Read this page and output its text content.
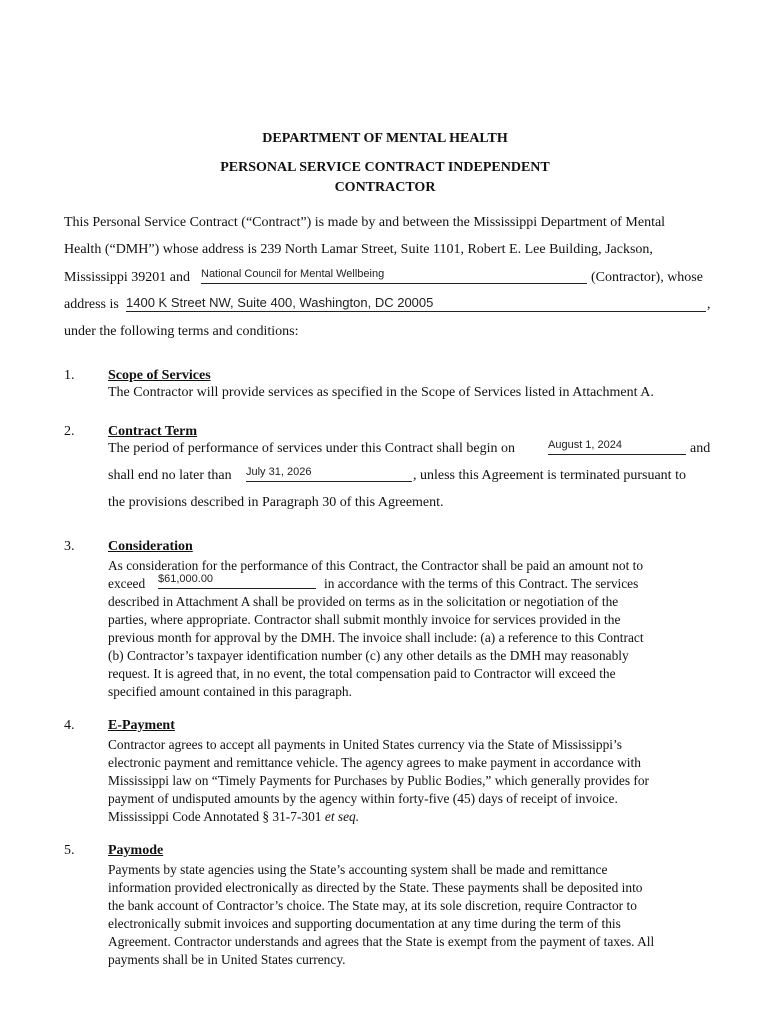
DEPARTMENT OF MENTAL HEALTH
PERSONAL SERVICE CONTRACT INDEPENDENT
CONTRACTOR
This Personal Service Contract (“Contract”) is made by and between the Mississippi Department of Mental
Health (“DMH”) whose address is 239 North Lamar Street, Suite 1101, Robert E. Lee Building, Jackson,
Mississippi 39201 and National Council for Mental Wellbeing	(Contractor), whose
address is 1400 K Street NW, Suite 400, Washington, DC 20005	,
under the following terms and conditions:
1. Scope of Services
The Contractor will provide services as specified in the Scope of Services listed in Attachment A.
2. Contract Term
The period of performance of services under this Contract shall begin on	August 1, 2024	and
shall end no later than July 31, 2026	, unless this Agreement is terminated pursuant to
the provisions described in Paragraph 30 of this Agreement.
3. Consideration
As consideration for the performance of this Contract, the Contractor shall be paid an amount not to
exceed $61,000.00	in accordance with the terms of this Contract. The services
described in Attachment A shall be provided on terms as in the solicitation or negotiation of the
parties, where appropriate. Contractor shall submit monthly invoice for services provided in the
previous month for approval by the DMH. The invoice shall include: (a) a reference to this Contract
(b) Contractor’s taxpayer identification number (c) any other details as the DMH may reasonably
request. It is agreed that, in no event, the total compensation paid to Contractor will exceed the
specified amount contained in this paragraph.
4. E-Payment
Contractor agrees to accept all payments in United States currency via the State of Mississippi’s
electronic payment and remittance vehicle. The agency agrees to make payment in accordance with
Mississippi law on “Timely Payments for Purchases by Public Bodies,” which generally provides for
payment of undisputed amounts by the agency within forty-five (45) days of receipt of invoice.
Mississippi Code Annotated § 31-7-301 et seq.
5. Paymode
Payments by state agencies using the State’s accounting system shall be made and remittance
information provided electronically as directed by the State. These payments shall be deposited into
the bank account of Contractor’s choice. The State may, at its sole discretion, require Contractor to
electronically submit invoices and supporting documentation at any time during the term of this
Agreement. Contractor understands and agrees that the State is exempt from the payment of taxes. All
payments shall be in United States currency.
